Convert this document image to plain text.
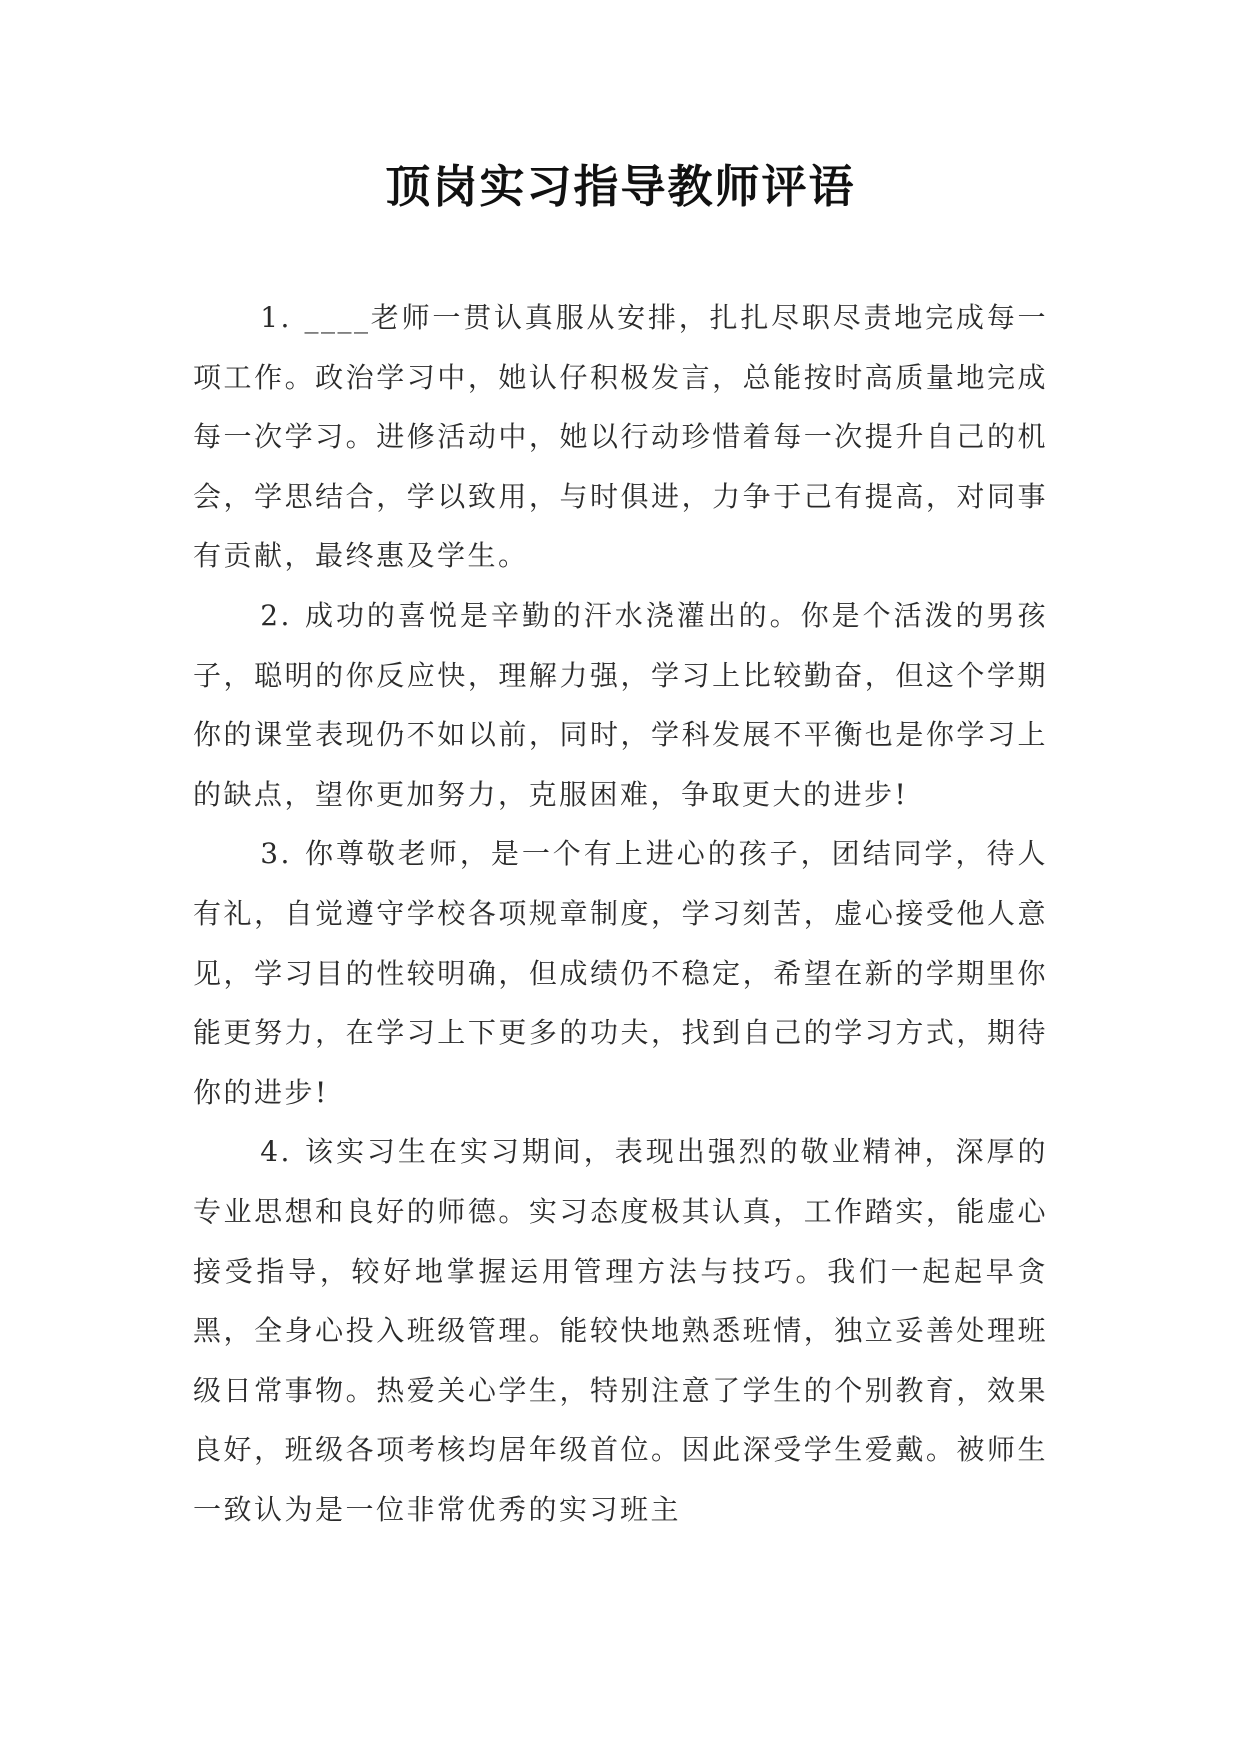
顶岗实习指导教师评语

1. ____老师一贯认真服从安排，扎扎尽职尽责地完成每一项工作。政治学习中，她认仔积极发言，总能按时高质量地完成每一次学习。进修活动中，她以行动珍惜着每一次提升自己的机会，学思结合，学以致用，与时俱进，力争于己有提高，对同事有贡献，最终惠及学生。

2. 成功的喜悦是辛勤的汗水浇灌出的。你是个活泼的男孩子，聪明的你反应快，理解力强，学习上比较勤奋，但这个学期你的课堂表现仍不如以前，同时，学科发展不平衡也是你学习上的缺点，望你更加努力，克服困难，争取更大的进步!

3. 你尊敬老师，是一个有上进心的孩子，团结同学，待人有礼，自觉遵守学校各项规章制度，学习刻苦，虚心接受他人意见，学习目的性较明确，但成绩仍不稳定，希望在新的学期里你能更努力，在学习上下更多的功夫，找到自己的学习方式，期待你的进步!

4. 该实习生在实习期间，表现出强烈的敬业精神，深厚的专业思想和良好的师德。实习态度极其认真，工作踏实，能虚心接受指导，较好地掌握运用管理方法与技巧。我们一起起早贪黑，全身心投入班级管理。能较快地熟悉班情，独立妥善处理班级日常事物。热爱关心学生，特别注意了学生的个别教育，效果良好，班级各项考核均居年级首位。因此深受学生爱戴。被师生一致认为是一位非常优秀的实习班主
